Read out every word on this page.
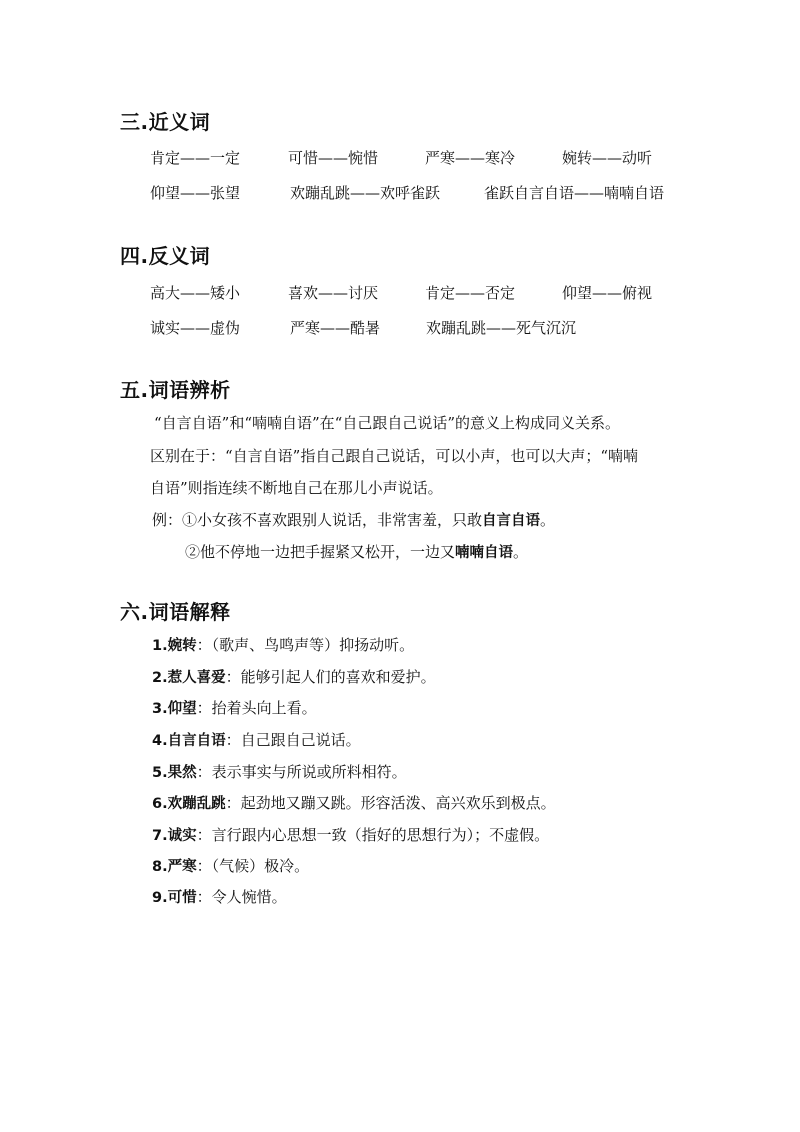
三.近义词
肯定——一定	可惜——惋惜	严寒——寒冷	婉转——动听
仰望——张望	欢蹦乱跳——欢呼雀跃	雀跃自言自语——喃喃自语
四.反义词
高大——矮小	喜欢——讨厌	肯定——否定	仰望——俯视
诚实——虚伪	严寒——酷暑	欢蹦乱跳——死气沉沉
五.词语辨析
“自言自语”和“喃喃自语”在“自己跟自己说话”的意义上构成同义关系。
区别在于：“自言自语”指自己跟自己说话，可以小声，也可以大声；“喃喃
自语”则指连续不断地自己在那儿小声说话。
例：①小女孩不喜欢跟别人说话，非常害羞，只敢自言自语。
②他不停地一边把手握紧又松开，一边又喃喃自语。
六.词语解释
1.婉转：（歌声、鸟鸣声等）抑扬动听。
2.惹人喜爱：能够引起人们的喜欢和爱护。
3.仰望：抬着头向上看。
4.自言自语：自己跟自己说话。
5.果然：表示事实与所说或所料相符。
6.欢蹦乱跳：起劲地又蹦又跳。形容活泼、高兴欢乐到极点。
7.诚实：言行跟内心思想一致（指好的思想行为）；不虚假。
8.严寒：（气候）极冷。
9.可惜：令人惋惜。
